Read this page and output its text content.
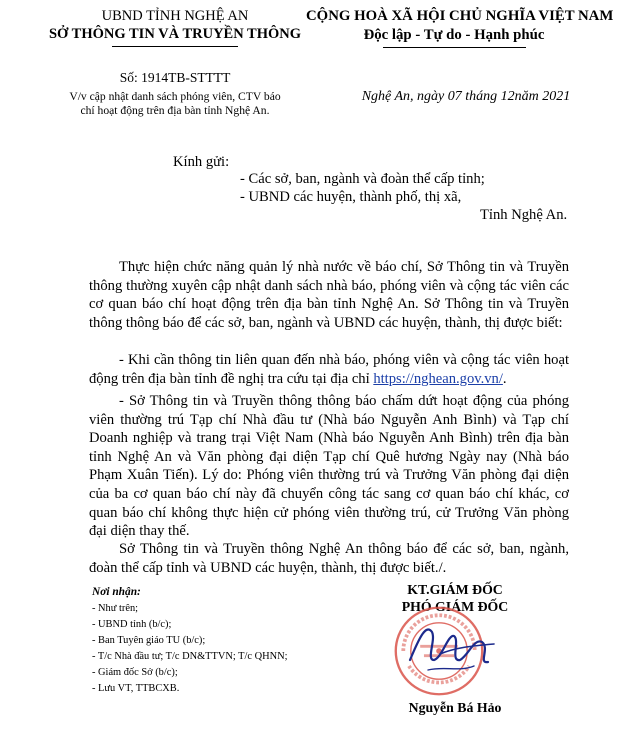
UBND TỈNH NGHỆ AN
SỞ THÔNG TIN VÀ TRUYỀN THÔNG
CỘNG HOÀ XÃ HỘI CHỦ NGHĨA VIỆT NAM
Độc lập - Tự do - Hạnh phúc
Số: 1914TB-STTTT
V/v cập nhật danh sách phóng viên, CTV báo
chí hoạt động trên địa bàn tỉnh Nghệ An.
Nghệ An, ngày 07 tháng 12năm 2021
Kính gửi:
- Các sở, ban, ngành và đoàn thể cấp tỉnh;
- UBND các huyện, thành phố, thị xã,
Tỉnh Nghệ An.
Thực hiện chức năng quản lý nhà nước về báo chí, Sở Thông tin và Truyền thông thường xuyên cập nhật danh sách nhà báo, phóng viên và cộng tác viên các cơ quan báo chí hoạt động trên địa bàn tỉnh Nghệ An. Sở Thông tin và Truyền thông thông báo để các sở, ban, ngành và UBND các huyện, thành, thị được biết:
- Khi cần thông tin liên quan đến nhà báo, phóng viên và cộng tác viên hoạt động trên địa bàn tỉnh đề nghị tra cứu tại địa chỉ https://nghean.gov.vn/.
- Sở Thông tin và Truyền thông thông báo chấm dứt hoạt động của phóng viên thường trú Tạp chí Nhà đầu tư (Nhà báo Nguyễn Anh Bình) và Tạp chí Doanh nghiệp và trang trại Việt Nam (Nhà báo Nguyễn Anh Bình) trên địa bàn tỉnh Nghệ An và Văn phòng đại diện Tạp chí Quê hương Ngày nay (Nhà báo Phạm Xuân Tiến). Lý do: Phóng viên thường trú và Trưởng Văn phòng đại diện của ba cơ quan báo chí này đã chuyển công tác sang cơ quan báo chí khác, cơ quan báo chí không thực hiện cử phóng viên thường trú, cử Trưởng Văn phòng đại diện thay thế.
Sở Thông tin và Truyền thông Nghệ An thông báo để các sở, ban, ngành, đoàn thể cấp tỉnh và UBND các huyện, thành, thị được biết./.
Nơi nhận:
- Như trên;
- UBND tỉnh (b/c);
- Ban Tuyên giáo TU (b/c);
- T/c Nhà đầu tư; T/c DN&TTVN; T/c QHNN;
- Giám đốc Sở (b/c);
- Lưu VT, TTBCXB.
KT.GIÁM ĐỐC
PHÓ GIÁM ĐỐC
Nguyễn Bá Hảo
